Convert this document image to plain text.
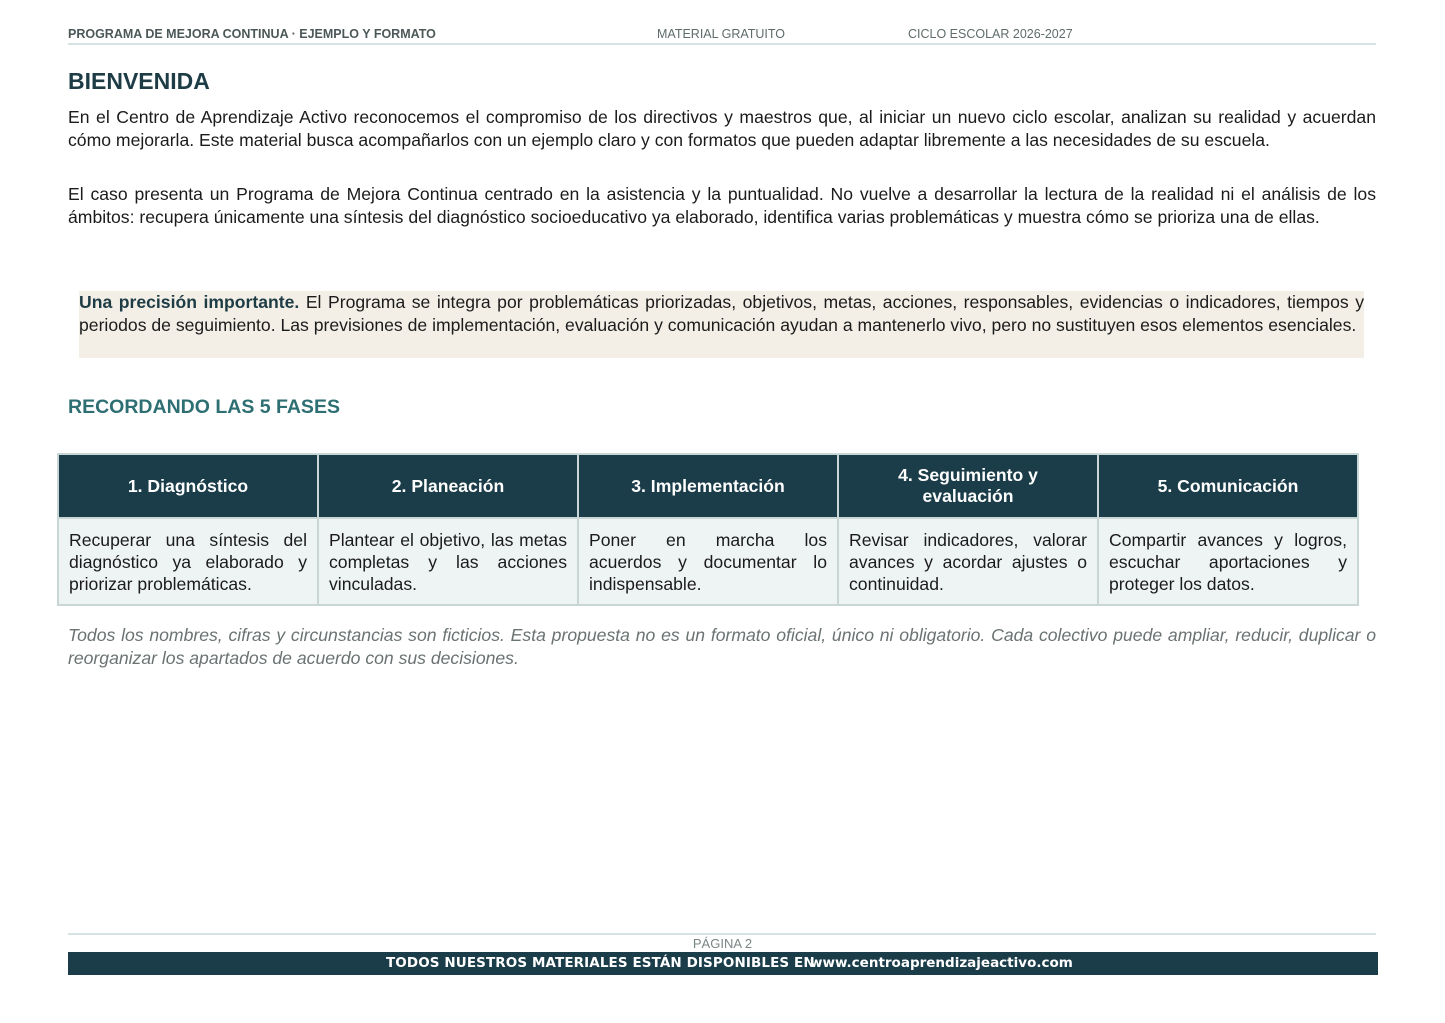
PROGRAMA DE MEJORA CONTINUA · EJEMPLO Y FORMATO	MATERIAL GRATUITO	CICLO ESCOLAR 2026-2027
BIENVENIDA

En el Centro de Aprendizaje Activo reconocemos el compromiso de los directivos y maestros que, al iniciar un nuevo ciclo escolar, analizan su realidad y acuerdan cómo mejorarla. Este material busca acompañarlos con un ejemplo claro y con formatos que pueden adaptar libremente a las necesidades de su escuela.

El caso presenta un Programa de Mejora Continua centrado en la asistencia y la puntualidad. No vuelve a desarrollar la lectura de la realidad ni el análisis de los ámbitos: recupera únicamente una síntesis del diagnóstico socioeducativo ya elaborado, identifica varias problemáticas y muestra cómo se prioriza una de ellas.

Una precisión importante. El Programa se integra por problemáticas priorizadas, objetivos, metas, acciones, responsables, evidencias o indicadores, tiempos y periodos de seguimiento. Las previsiones de implementación, evaluación y comunicación ayudan a mantenerlo vivo, pero no sustituyen esos elementos esenciales.
RECORDANDO LAS 5 FASES
1. Diagnóstico	2. Planeación	3. Implementación	4. Seguimiento y evaluación	5. Comunicación
Recuperar una síntesis del diagnóstico ya elaborado y priorizar problemáticas.	Plantear el objetivo, las metas completas y las acciones vinculadas.	Poner en marcha los acuerdos y documentar lo indispensable.	Revisar indicadores, valorar avances y acordar ajustes o continuidad.	Compartir avances y logros, escuchar aportaciones y proteger los datos.

Todos los nombres, cifras y circunstancias son ficticios. Esta propuesta no es un formato oficial, único ni obligatorio. Cada colectivo puede ampliar, reducir, duplicar o reorganizar los apartados de acuerdo con sus decisiones.

PÁGINA 2
TODOS NUESTROS MATERIALES ESTÁN DISPONIBLES EN
www.centroaprendizajeactivo.com
